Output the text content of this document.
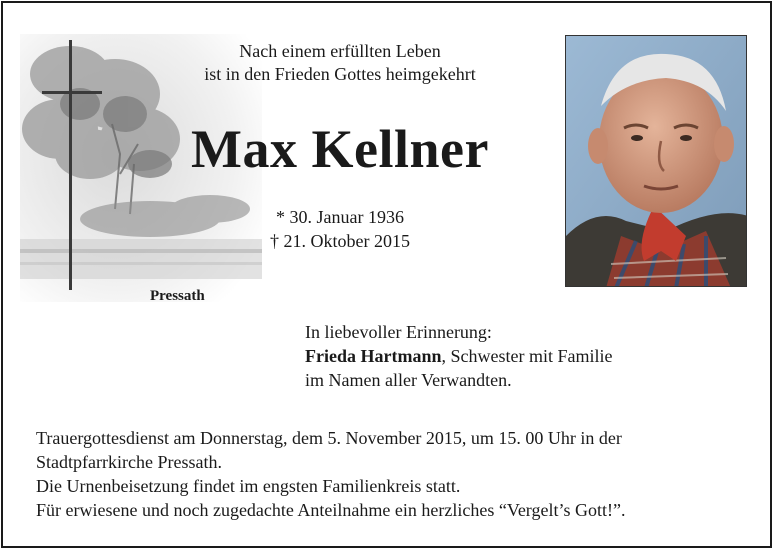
Nach einem erfüllten Leben
ist in den Frieden Gottes heimgekehrt
Max Kellner
* 30. Januar 1936
† 21. Oktober 2015
Pressath
In liebevoller Erinnerung:
Frieda Hartmann, Schwester mit Familie
im Namen aller Verwandten.
Trauergottesdienst am Donnerstag, dem 5. November 2015, um 15. 00 Uhr in der
Stadtpfarrkirche Pressath.
Die Urnenbeisetzung findet im engsten Familienkreis statt.
Für erwiesene und noch zugedachte Anteilnahme ein herzliches “Vergelt’s Gott!”.
